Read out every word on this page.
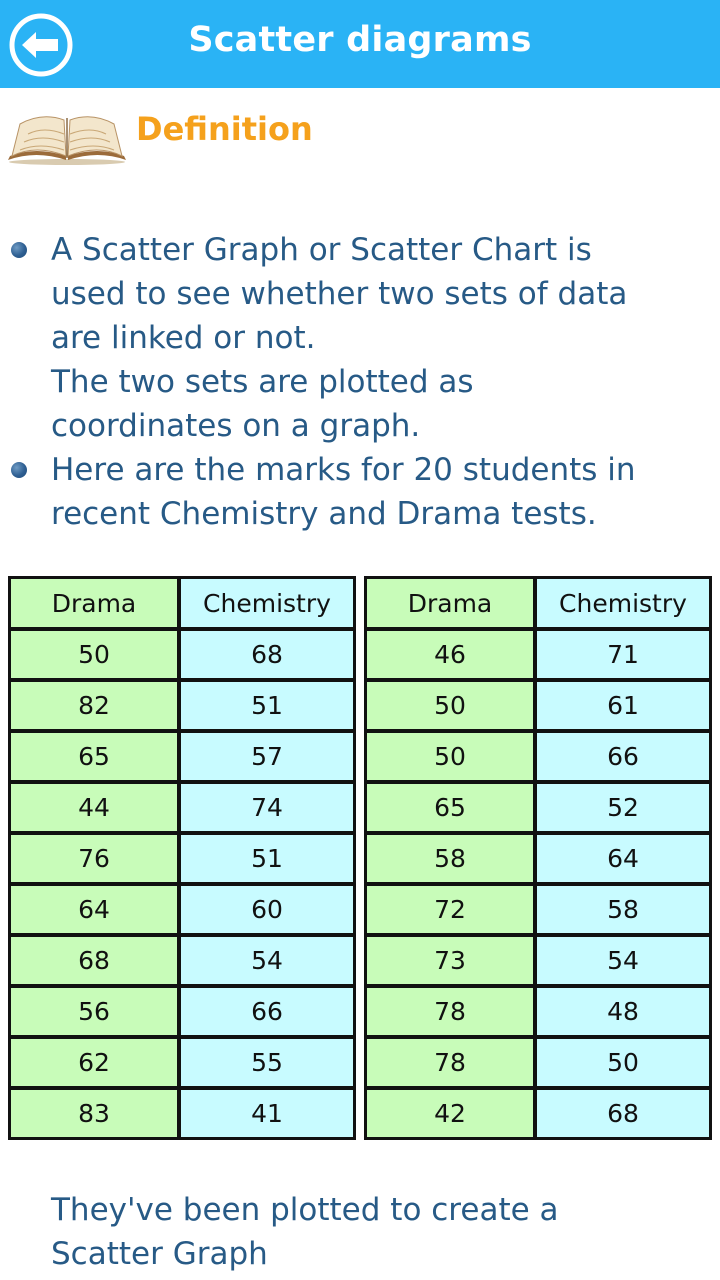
Scatter diagrams
Definition
A Scatter Graph or Scatter Chart is
used to see whether two sets of data
are linked or not.
The two sets are plotted as
coordinates on a graph.
Here are the marks for 20 students in
recent Chemistry and Drama tests.
Drama	Chemistry
50	68
82	51
65	57
44	74
76	51
64	60
68	54
56	66
62	55
83	41
Drama	Chemistry
46	71
50	61
50	66
65	52
58	64
72	58
73	54
78	48
78	50
42	68
They've been plotted to create a
Scatter Graph
